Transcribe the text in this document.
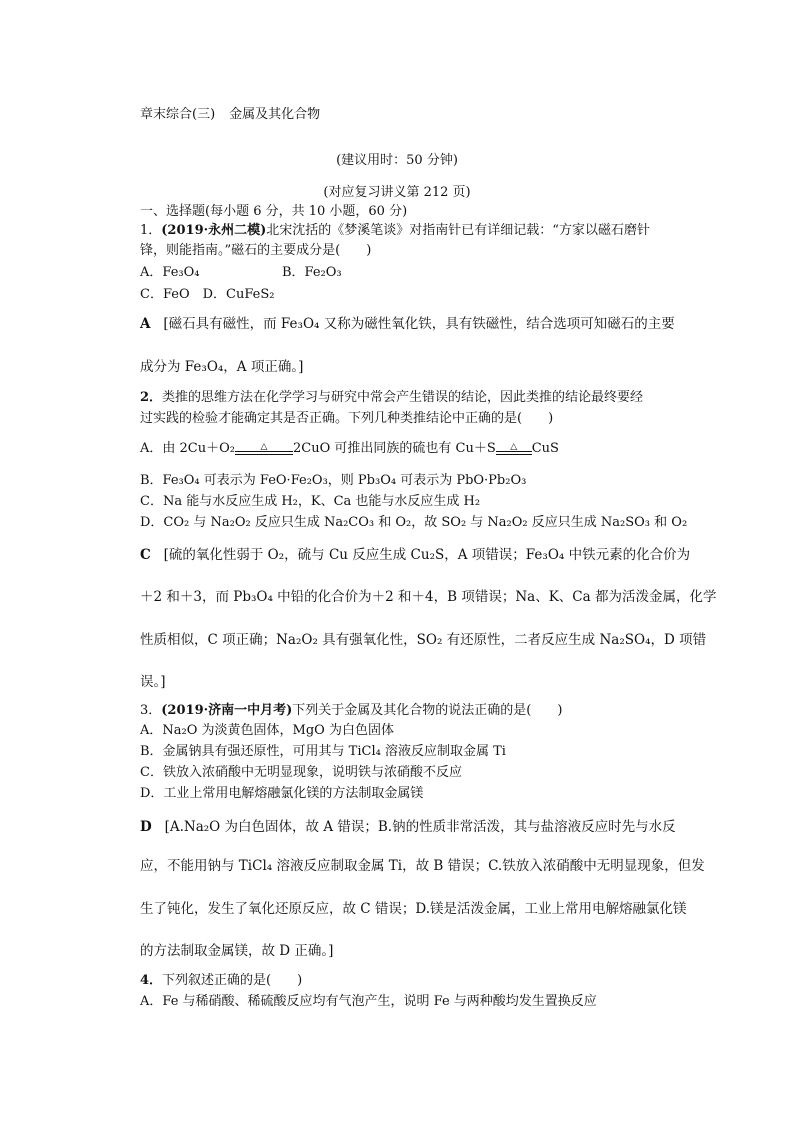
章末综合(三) 金属及其化合物
(建议用时：50 分钟)
(对应复习讲义第 212 页)
一、选择题(每小题 6 分，共 10 小题，60 分)
1．(2019·永州二模)北宋沈括的《梦溪笔谈》对指南针已有详细记载：“方家以磁石磨针
锋，则能指南。”磁石的主要成分是(　　)
A．Fe₃O₄	B．Fe₂O₃
C．FeO　D．CuFeS₂
A [磁石具有磁性，而 Fe₃O₄ 又称为磁性氧化铁，具有铁磁性，结合选项可知磁石的主要
成分为 Fe₃O₄，A 项正确。]
2．类推的思维方法在化学学习与研究中常会产生错误的结论，因此类推的结论最终要经
过实践的检验才能确定其是否正确。下列几种类推结论中正确的是(　　)
A．由 2Cu＋O₂	△	2CuO 可推出同族的硫也有 Cu＋S	△	CuS
B．Fe₃O₄ 可表示为 FeO·Fe₂O₃，则 Pb₃O₄ 可表示为 PbO·Pb₂O₃
C．Na 能与水反应生成 H₂，K、Ca 也能与水反应生成 H₂
D．CO₂ 与 Na₂O₂ 反应只生成 Na₂CO₃ 和 O₂，故 SO₂ 与 Na₂O₂ 反应只生成 Na₂SO₃ 和 O₂
C [硫的氧化性弱于 O₂，硫与 Cu 反应生成 Cu₂S，A 项错误；Fe₃O₄ 中铁元素的化合价为
＋2 和＋3，而 Pb₃O₄ 中铅的化合价为＋2 和＋4，B 项错误；Na、K、Ca 都为活泼金属，化学
性质相似，C 项正确；Na₂O₂ 具有强氧化性，SO₂ 有还原性，二者反应生成 Na₂SO₄，D 项错
误。]
3．(2019·济南一中月考)下列关于金属及其化合物的说法正确的是(　　)
A．Na₂O 为淡黄色固体，MgO 为白色固体
B．金属钠具有强还原性，可用其与 TiCl₄ 溶液反应制取金属 Ti
C．铁放入浓硝酸中无明显现象，说明铁与浓硝酸不反应
D．工业上常用电解熔融氯化镁的方法制取金属镁
D [A.Na₂O 为白色固体，故 A 错误；B.钠的性质非常活泼，其与盐溶液反应时先与水反
应，不能用钠与 TiCl₄ 溶液反应制取金属 Ti，故 B 错误；C.铁放入浓硝酸中无明显现象，但发
生了钝化，发生了氧化还原反应，故 C 错误；D.镁是活泼金属，工业上常用电解熔融氯化镁
的方法制取金属镁，故 D 正确。]
4．下列叙述正确的是(　　)
A．Fe 与稀硝酸、稀硫酸反应均有气泡产生，说明 Fe 与两种酸均发生置换反应
